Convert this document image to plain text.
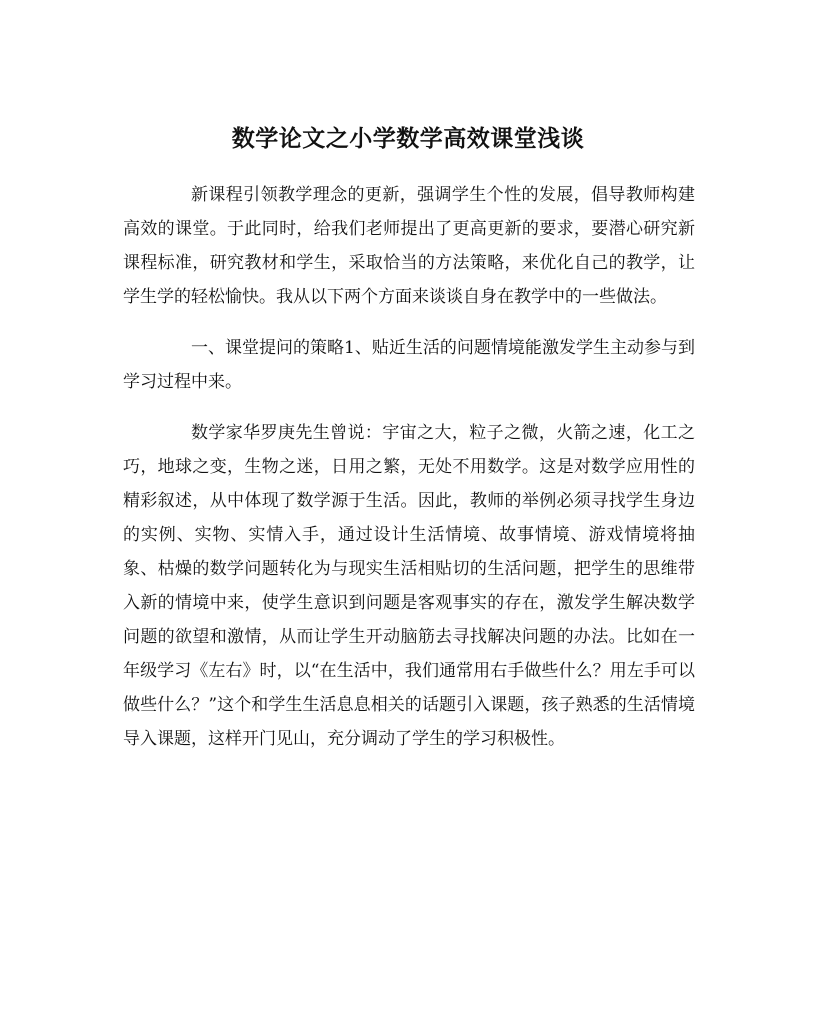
数学论文之小学数学高效课堂浅谈

新课程引领教学理念的更新，强调学生个性的发展，倡导教师构建高效的课堂。于此同时，给我们老师提出了更高更新的要求，要潜心研究新课程标准，研究教材和学生，采取恰当的方法策略，来优化自己的教学，让学生学的轻松愉快。我从以下两个方面来谈谈自身在教学中的一些做法。

一、课堂提问的策略1、贴近生活的问题情境能激发学生主动参与到学习过程中来。

数学家华罗庚先生曾说：宇宙之大，粒子之微，火箭之速，化工之巧，地球之变，生物之迷，日用之繁，无处不用数学。这是对数学应用性的精彩叙述，从中体现了数学源于生活。因此，教师的举例必须寻找学生身边的实例、实物、实情入手，通过设计生活情境、故事情境、游戏情境将抽象、枯燥的数学问题转化为与现实生活相贴切的生活问题，把学生的思维带入新的情境中来，使学生意识到问题是客观事实的存在，激发学生解决数学问题的欲望和激情，从而让学生开动脑筋去寻找解决问题的办法。比如在一年级学习《左右》时，以“在生活中，我们通常用右手做些什么？用左手可以做些什么？”这个和学生生活息息相关的话题引入课题，孩子熟悉的生活情境导入课题，这样开门见山，充分调动了学生的学习积极性。
